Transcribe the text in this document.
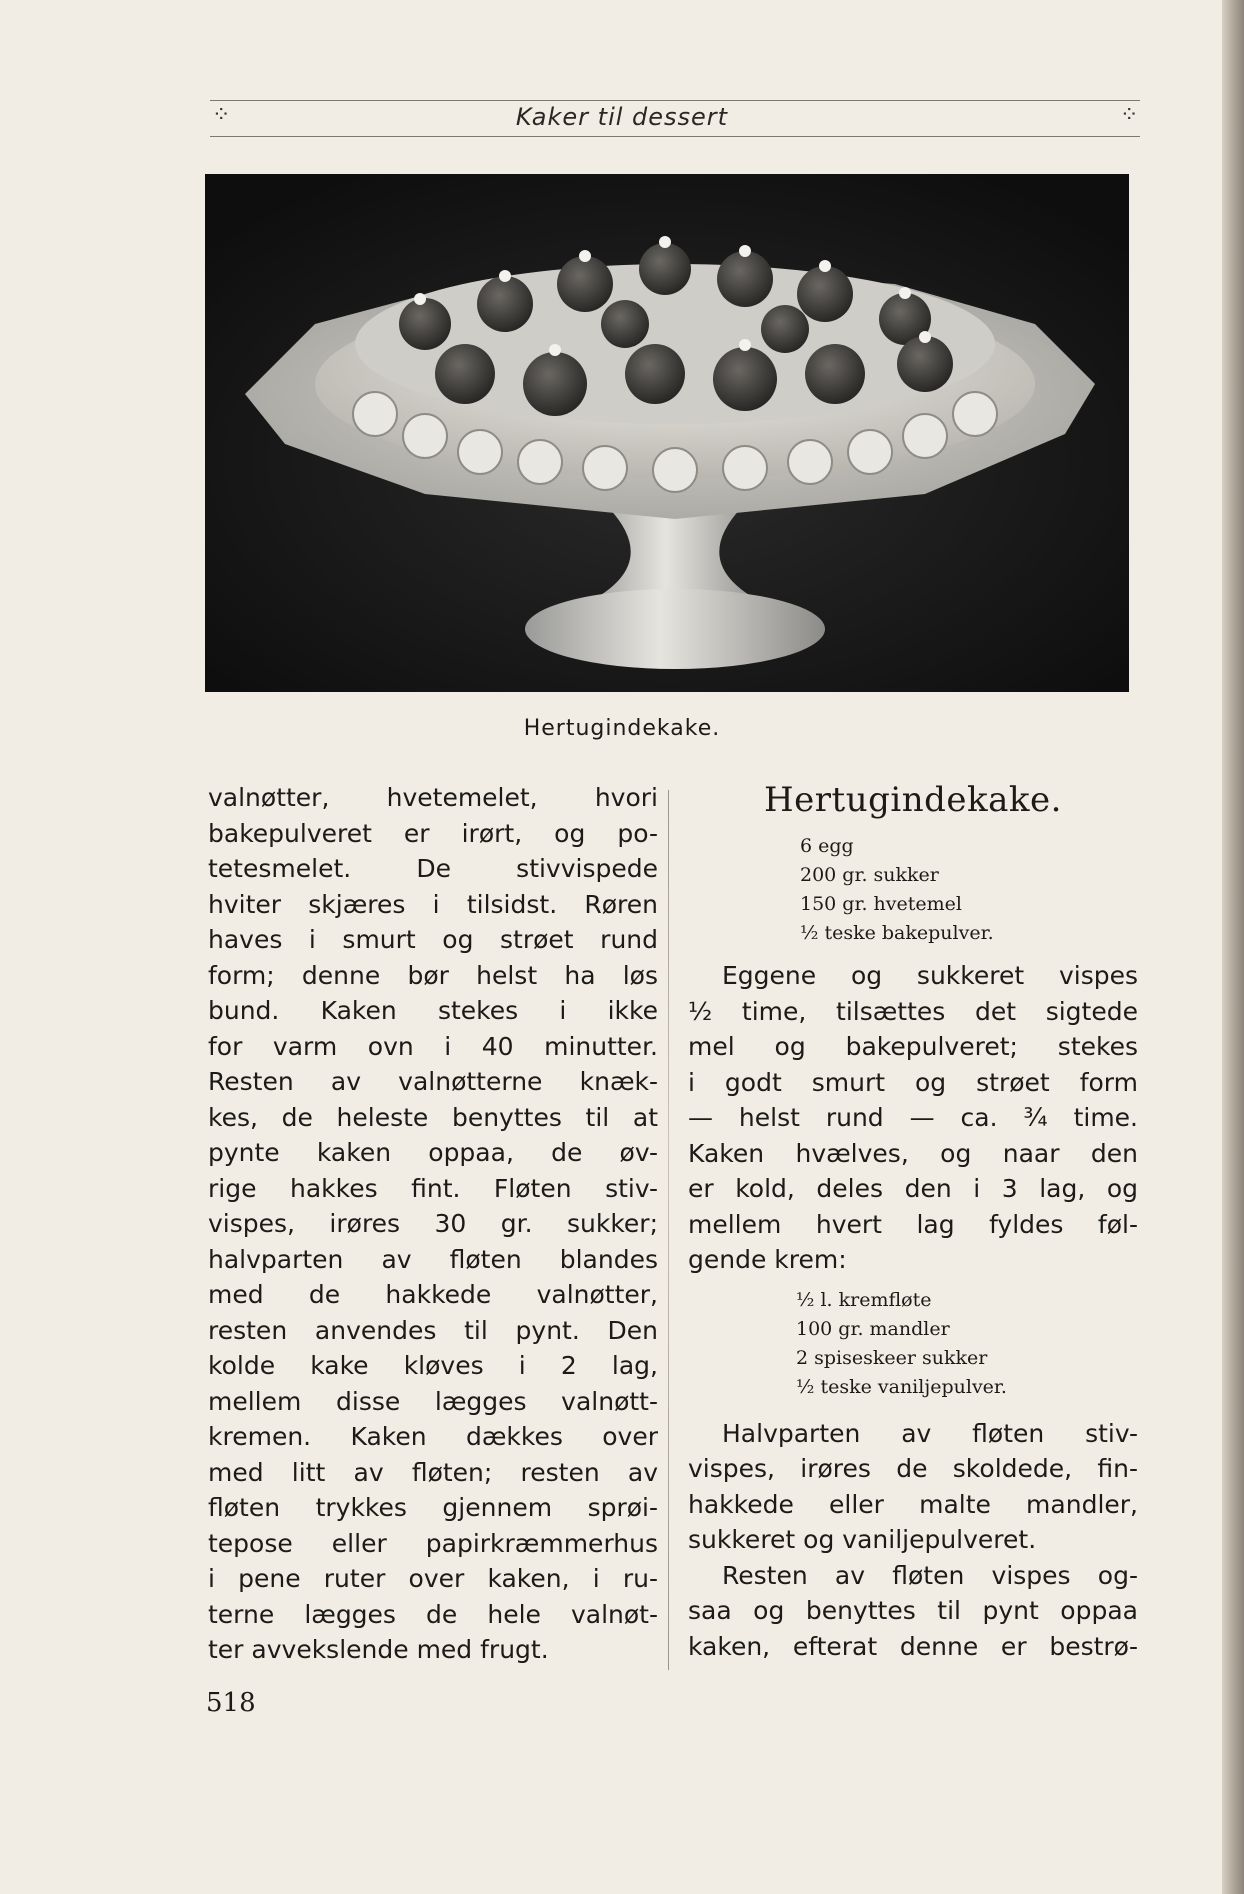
⁘	Kaker til dessert	⁘
Hertugindekake.
valnøtter, hvetemelet, hvori
bakepulveret er irørt, og po-
tetesmelet. De stivvispede
hviter skjæres i tilsidst. Røren
haves i smurt og strøet rund
form; denne bør helst ha løs
bund. Kaken stekes i ikke
for varm ovn i 40 minutter.
Resten av valnøtterne knæk-
kes, de heleste benyttes til at
pynte kaken oppaa, de øv-
rige hakkes fint. Fløten stiv-
vispes, irøres 30 gr. sukker;
halvparten av fløten blandes
med de hakkede valnøtter,
resten anvendes til pynt. Den
kolde kake kløves i 2 lag,
mellem disse lægges valnøtt-
kremen. Kaken dækkes over
med litt av fløten; resten av
fløten trykkes gjennem sprøi-
tepose eller papirkræmmerhus
i pene ruter over kaken, i ru-
terne lægges de hele valnøt-
ter avvekslende med frugt.
Hertugindekake.
6 egg
200 gr. sukker
150 gr. hvetemel
½ teske bakepulver.
Eggene og sukkeret vispes
½ time, tilsættes det sigtede
mel og bakepulveret; stekes
i godt smurt og strøet form
— helst rund — ca. ¾ time.
Kaken hvælves, og naar den
er kold, deles den i 3 lag, og
mellem hvert lag fyldes føl-
gende krem:
½ l. kremfløte
100 gr. mandler
2 spiseskeer sukker
½ teske vaniljepulver.
Halvparten av fløten stiv-
vispes, irøres de skoldede, fin-
hakkede eller malte mandler,
sukkeret og vaniljepulveret.
Resten av fløten vispes og-
saa og benyttes til pynt oppaa
kaken, efterat denne er bestrø-
518
